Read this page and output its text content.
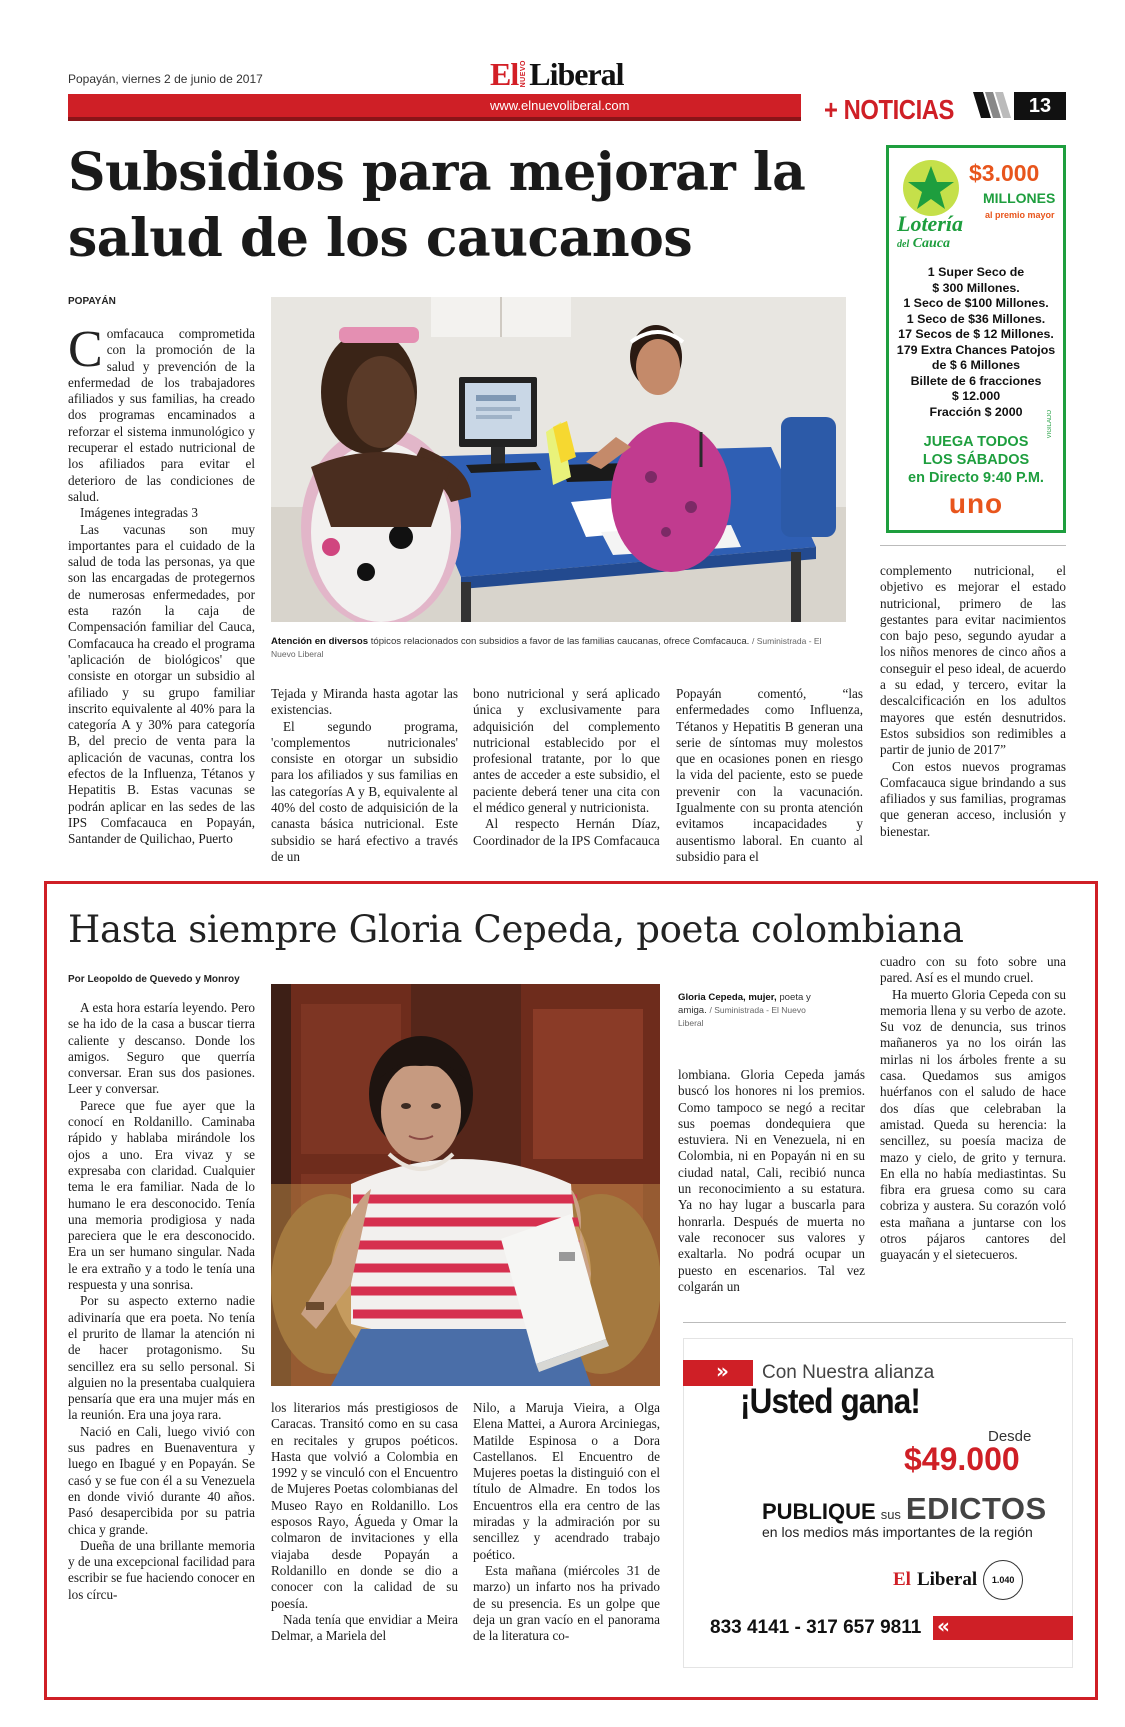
Popayán, viernes 2 de junio de 2017	El NUEVO Liberal
www.elnuevoliberal.com	+ NOTICIAS	13
Subsidios para mejorar la
salud de los caucanos
POPAYÁN

Comfacauca comprometida con la promoción de la salud y prevención de la enfermedad de los trabajadores afiliados y sus familias, ha creado dos programas encaminados a reforzar el sistema inmunológico y recuperar el estado nutricional de los afiliados para evitar el deterioro de las condiciones de salud.

Imágenes integradas 3

Las vacunas son muy importantes para el cuidado de la salud de toda las personas, ya que son las encargadas de protegernos de numerosas enfermedades, por esta razón la caja de Compensación familiar del Cauca, Comfacauca ha creado el programa 'aplicación de biológicos' que consiste en otorgar un subsidio al afiliado y su grupo familiar inscrito equivalente al 40% para la categoría A y 30% para categoría B, del precio de venta para la aplicación de vacunas, contra los efectos de la Influenza, Tétanos y Hepatitis B. Estas vacunas se podrán aplicar en las sedes de las IPS Comfacauca en Popayán, Santander de Quilichao, Puerto

Atención en diversos tópicos relacionados con subsidios a favor de las familias caucanas, ofrece Comfacauca. / Suministrada - El Nuevo Liberal

Tejada y Miranda hasta agotar las existencias.

El segundo programa, 'complementos nutricionales' consiste en otorgar un subsidio para los afiliados y sus familias en las categorías A y B, equivalente al 40% del costo de adquisición de la canasta básica nutricional. Este subsidio se hará efectivo a través de un

bono nutricional y será aplicado única y exclusivamente para adquisición del complemento nutricional establecido por el profesional tratante, por lo que antes de acceder a este subsidio, el paciente deberá tener una cita con el médico general y nutricionista.

Al respecto Hernán Díaz, Coordinador de la IPS Comfacauca

Popayán comentó, “las enfermedades como Influenza, Tétanos y Hepatitis B generan una serie de síntomas muy molestos que en ocasiones ponen en riesgo la vida del paciente, esto se puede prevenir con la vacunación. Igualmente con su pronta atención evitamos incapacidades y ausentismo laboral. En cuanto al subsidio para el

complemento nutricional, el objetivo es mejorar el estado nutricional, primero de las gestantes para evitar nacimientos con bajo peso, segundo ayudar a los niños menores de cinco años a conseguir el peso ideal, de acuerdo a su edad, y tercero, evitar la descalcificación en los adultos mayores que estén desnutridos. Estos subsidios son redimibles a partir de junio de 2017”

Con estos nuevos programas Comfacauca sigue brindando a sus afiliados y sus familias, programas que generan acceso, inclusión y bienestar.

$3.000
MILLONES
al premio mayor
Lotería
del Cauca
1 Super Seco de
$ 300 Millones.
1 Seco de $100 Millones.
1 Seco de $36 Millones.
17 Secos de $ 12 Millones.
179 Extra Chances Patojos
de $ 6 Millones
Billete de 6 fracciones
$ 12.000
Fracción $ 2000
JUEGA TODOS
LOS SÁBADOS
en Directo 9:40 P.M.
uno
VIGILADO
Hasta siempre Gloria Cepeda, poeta colombiana
Por Leopoldo de Quevedo y Monroy

A esta hora estaría leyendo. Pero se ha ido de la casa a buscar tierra caliente y descanso. Donde los amigos. Seguro que querría conversar. Eran sus dos pasiones. Leer y conversar.

Parece que fue ayer que la conocí en Roldanillo. Caminaba rápido y hablaba mirándole los ojos a uno. Era vivaz y se expresaba con claridad. Cualquier tema le era familiar. Nada de lo humano le era desconocido. Tenía una memoria prodigiosa y nada pareciera que le era desconocido. Era un ser humano singular. Nada le era extraño y a todo le tenía una respuesta y una sonrisa.

Por su aspecto externo nadie adivinaría que era poeta. No tenía el prurito de llamar la atención ni de hacer protagonismo. Su sencillez era su sello personal. Si alguien no la presentaba cualquiera pensaría que era una mujer más en la reunión. Era una joya rara.

Nació en Cali, luego vivió con sus padres en Buenaventura y luego en Ibagué y en Popayán. Se casó y se fue con él a su Venezuela en donde vivió durante 40 años. Pasó desapercibida por su patria chica y grande.

Dueña de una brillante memoria y de una excepcional facilidad para escribir se fue haciendo conocer en los círcu-

los literarios más prestigiosos de Caracas. Transitó como en su casa en recitales y grupos poéticos. Hasta que volvió a Colombia en 1992 y se vinculó con el Encuentro de Mujeres Poetas colombianas del Museo Rayo en Roldanillo. Los esposos Rayo, Águeda y Omar la colmaron de invitaciones y ella viajaba desde Popayán a Roldanillo en donde se dio a conocer con la calidad de su poesía.

Nada tenía que envidiar a Meira Delmar, a Mariela del

Nilo, a Maruja Vieira, a Olga Elena Mattei, a Aurora Arciniegas, Matilde Espinosa o a Dora Castellanos. El Encuentro de Mujeres poetas la distinguió con el título de Almadre. En todos los Encuentros ella era centro de las miradas y la admiración por su sencillez y acendrado trabajo poético.

Esta mañana (miércoles 31 de marzo) un infarto nos ha privado de su presencia. Es un golpe que deja un gran vacío en el panorama de la literatura co-

Gloria Cepeda, mujer, poeta y amiga. / Suministrada - El Nuevo Liberal

lombiana. Gloria Cepeda jamás buscó los honores ni los premios. Como tampoco se negó a recitar sus poemas dondequiera que estuviera. Ni en Venezuela, ni en Colombia, ni en Popayán ni en su ciudad natal, Cali, recibió nunca un reconocimiento a su estatura. Ya no hay lugar a buscarla para honrarla. Después de muerta no vale reconocer sus valores y exaltarla. No podrá ocupar un puesto en escenarios. Tal vez colgarán un

cuadro con su foto sobre una pared. Así es el mundo cruel.

Ha muerto Gloria Cepeda con su memoria llena y su verbo de azote. Su voz de denuncia, sus trinos mañaneros ya no los oirán las mirlas ni los árboles frente a su casa. Quedamos sus amigos huérfanos con el saludo de hace dos días que celebraban la amistad. Queda su herencia: la sencillez, su poesía maciza de mazo y cielo, de grito y ternura. En ella no había mediastintas. Su fibra era gruesa como su cara cobriza y austera. Su corazón voló esta mañana a juntarse con los otros pájaros cantores del guayacán y el sietecueros.

» Con Nuestra alianza
¡Usted gana!
Desde
$49.000
PUBLIQUE sus EDICTOS
en los medios más importantes de la región
El Liberal	1.040
«
833 4141 - 317 657 9811
